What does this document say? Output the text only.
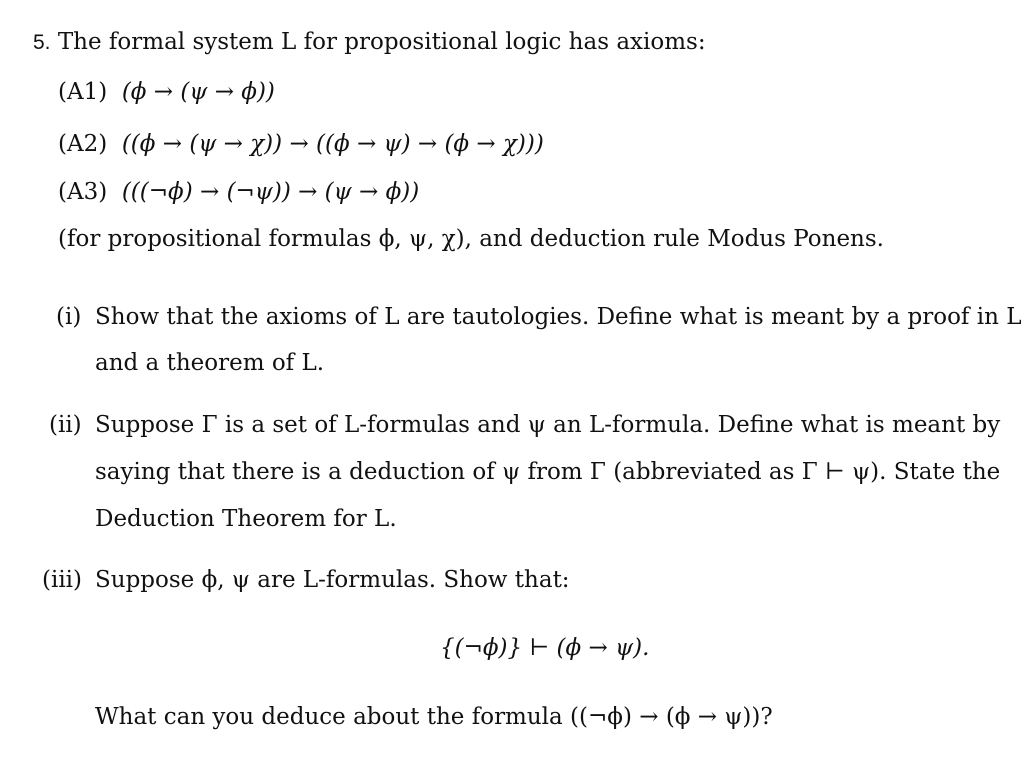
5. The formal system L for propositional logic has axioms:
(A1) (ϕ → (ψ → ϕ))
(A2) ((ϕ → (ψ → χ)) → ((ϕ → ψ) → (ϕ → χ)))
(A3) (((¬ϕ) → (¬ψ)) → (ψ → ϕ))
(for propositional formulas ϕ, ψ, χ), and deduction rule Modus Ponens.
(i) Show that the axioms of L are tautologies. Define what is meant by a proof in L
and a theorem of L.
(ii) Suppose Γ is a set of L-formulas and ψ an L-formula. Define what is meant by
saying that there is a deduction of ψ from Γ (abbreviated as Γ ⊢ ψ). State the
Deduction Theorem for L.
(iii) Suppose ϕ, ψ are L-formulas. Show that:
{(¬ϕ)} ⊢ (ϕ → ψ).
What can you deduce about the formula ((¬ϕ) → (ϕ → ψ))?
